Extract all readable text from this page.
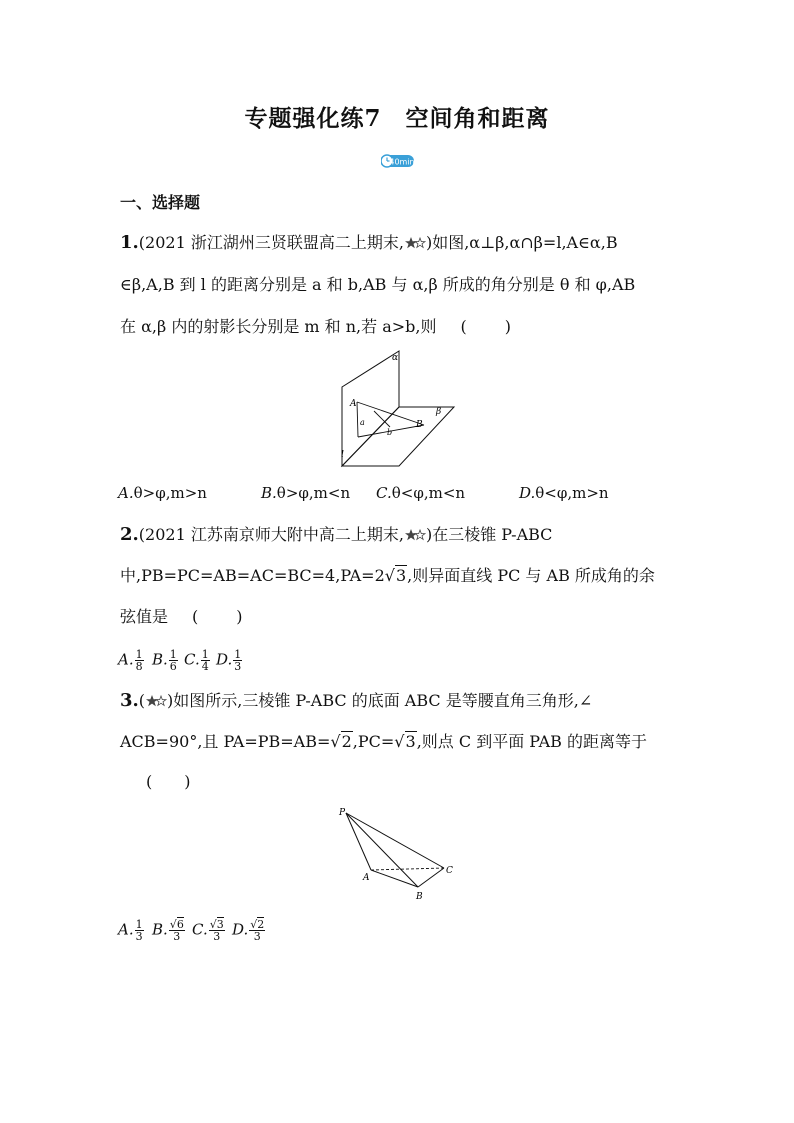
专题强化练7　空间角和距离
40min
一、选择题
1.(2021 浙江湖州三贤联盟高二上期末, )如图,α⊥β,α∩β=l,A∈α,B
∈β,A,B 到 l 的距离分别是 a 和 b,AB 与 α,β 所成的角分别是 θ 和 φ,AB
在 α,β 内的射影长分别是 m 和 n,若 a>b,则 (　　)
α
β
A
B
a
b
l
A.θ>φ,m>n	B.θ>φ,m<n C.θ<φ,m<n	D.θ<φ,m>n
2.(2021 江苏南京师大附中高二上期末, )在三棱锥 P-ABC
中,PB=PC=AB=AC=BC=4,PA=2√3,则异面直线 PC 与 AB 所成角的余
弦值是 (　　)
A. $\frac{1}{8} B$. $\frac{1}{6} C$. $\frac{1}{4} D$. $\frac{1}{3}$
3.( )如图所示,三棱锥 P-ABC 的底面 ABC 是等腰直角三角形,∠
ACB=90°,且 PA=PB=AB=√2,PC=√3,则点 C 到平面 PAB 的距离等于
(　　)
P
A
B
C
A. $\frac{1}{3} B$. $\frac{√6}{3} C$. $\frac{√3}{3} D$. $\frac{√2}{3}$
